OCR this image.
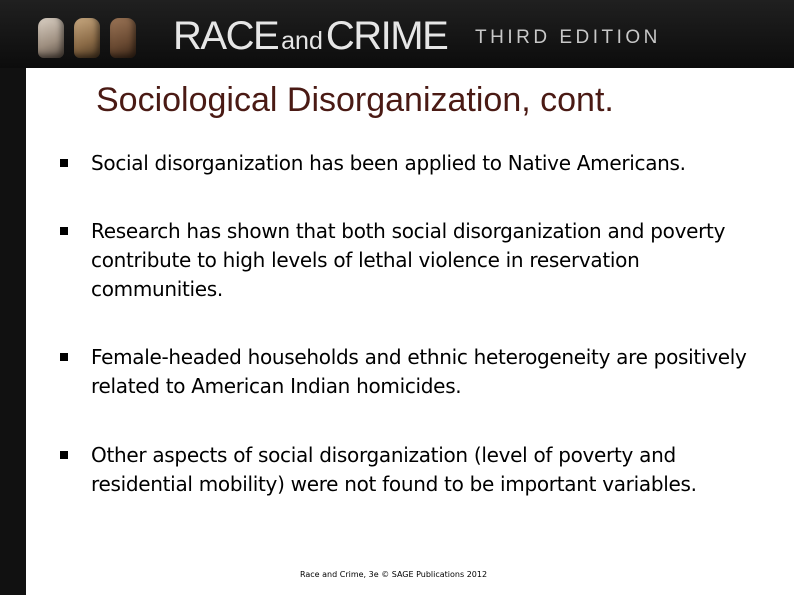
RACE andCRIME THIRD EDITION
Sociological Disorganization, cont.
Social disorganization has been applied to Native Americans.
Research has shown that both social disorganization and poverty contribute to high levels of lethal violence in reservation communities.
Female-headed households and ethnic heterogeneity are positively related to American Indian homicides.
Other aspects of social disorganization (level of poverty and residential mobility) were not found to be important variables.
Race and Crime, 3e © SAGE Publications 2012
